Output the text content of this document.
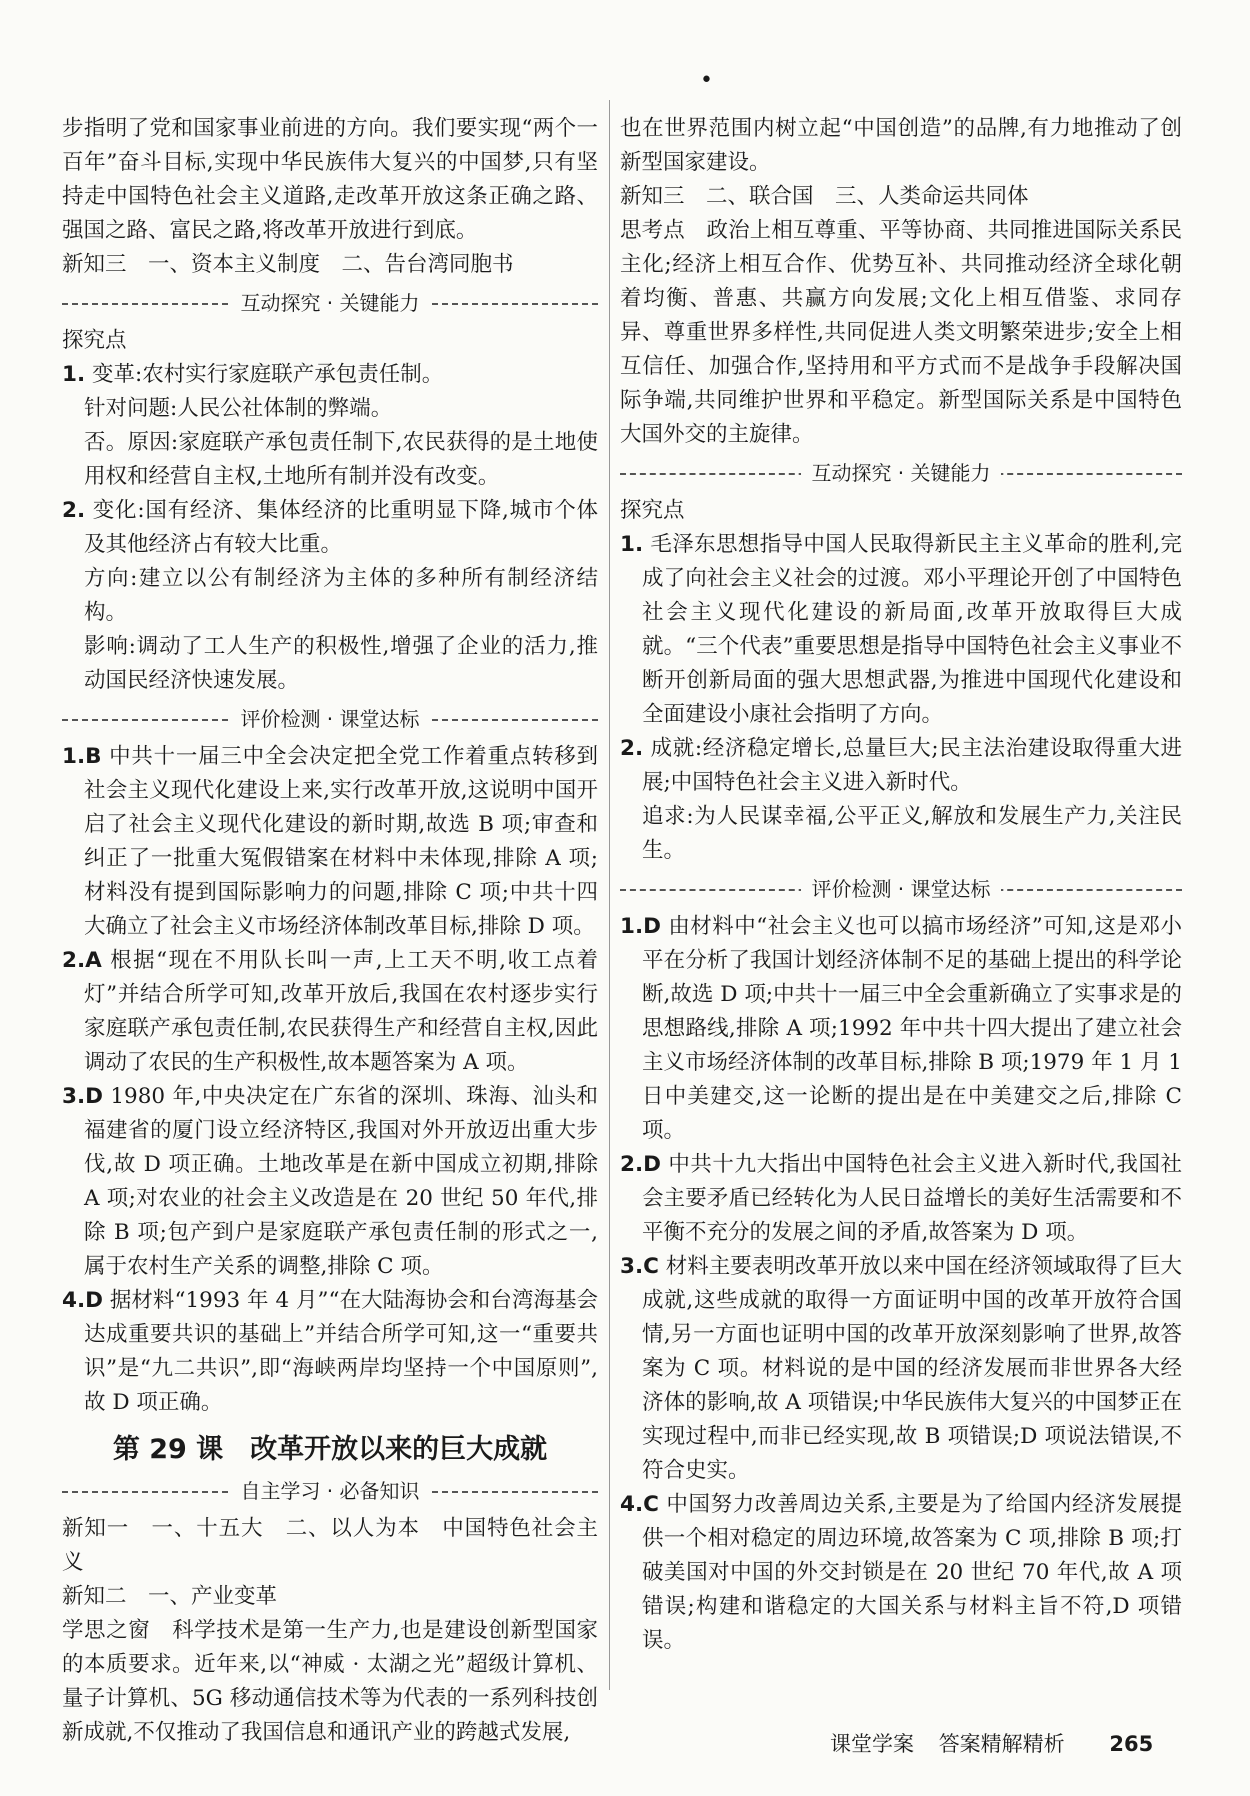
•

步指明了党和国家事业前进的方向。我们要实现“两个一百年”奋斗目标,实现中华民族伟大复兴的中国梦,只有坚持走中国特色社会主义道路,走改革开放这条正确之路、强国之路、富民之路,将改革开放进行到底。

新知三　一、资本主义制度　二、告台湾同胞书

互动探究 · 关键能力

探究点

1. 变革:农村实行家庭联产承包责任制。

针对问题:人民公社体制的弊端。

否。原因:家庭联产承包责任制下,农民获得的是土地使用权和经营自主权,土地所有制并没有改变。

2. 变化:国有经济、集体经济的比重明显下降,城市个体及其他经济占有较大比重。

方向:建立以公有制经济为主体的多种所有制经济结构。

影响:调动了工人生产的积极性,增强了企业的活力,推动国民经济快速发展。

评价检测 · 课堂达标

1.B 中共十一届三中全会决定把全党工作着重点转移到社会主义现代化建设上来,实行改革开放,这说明中国开启了社会主义现代化建设的新时期,故选 B 项;审查和纠正了一批重大冤假错案在材料中未体现,排除 A 项;材料没有提到国际影响力的问题,排除 C 项;中共十四大确立了社会主义市场经济体制改革目标,排除 D 项。

2.A 根据“现在不用队长叫一声,上工天不明,收工点着灯”并结合所学可知,改革开放后,我国在农村逐步实行家庭联产承包责任制,农民获得生产和经营自主权,因此调动了农民的生产积极性,故本题答案为 A 项。

3.D 1980 年,中央决定在广东省的深圳、珠海、汕头和福建省的厦门设立经济特区,我国对外开放迈出重大步伐,故 D 项正确。土地改革是在新中国成立初期,排除 A 项;对农业的社会主义改造是在 20 世纪 50 年代,排除 B 项;包产到户是家庭联产承包责任制的形式之一,属于农村生产关系的调整,排除 C 项。

4.D 据材料“1993 年 4 月”“在大陆海协会和台湾海基会达成重要共识的基础上”并结合所学可知,这一“重要共识”是“九二共识”,即“海峡两岸均坚持一个中国原则”,故 D 项正确。

第 29 课　改革开放以来的巨大成就
自主学习 · 必备知识

新知一　一、十五大　二、以人为本　中国特色社会主义

新知二　一、产业变革

学思之窗　科学技术是第一生产力,也是建设创新型国家的本质要求。近年来,以“神威 · 太湖之光”超级计算机、量子计算机、5G 移动通信技术等为代表的一系列科技创新成就,不仅推动了我国信息和通讯产业的跨越式发展,

也在世界范围内树立起“中国创造”的品牌,有力地推动了创新型国家建设。

新知三　二、联合国　三、人类命运共同体

思考点　政治上相互尊重、平等协商、共同推进国际关系民主化;经济上相互合作、优势互补、共同推动经济全球化朝着均衡、普惠、共赢方向发展;文化上相互借鉴、求同存异、尊重世界多样性,共同促进人类文明繁荣进步;安全上相互信任、加强合作,坚持用和平方式而不是战争手段解决国际争端,共同维护世界和平稳定。新型国际关系是中国特色大国外交的主旋律。

互动探究 · 关键能力

探究点

1. 毛泽东思想指导中国人民取得新民主主义革命的胜利,完成了向社会主义社会的过渡。邓小平理论开创了中国特色社会主义现代化建设的新局面,改革开放取得巨大成就。“三个代表”重要思想是指导中国特色社会主义事业不断开创新局面的强大思想武器,为推进中国现代化建设和全面建设小康社会指明了方向。

2. 成就:经济稳定增长,总量巨大;民主法治建设取得重大进展;中国特色社会主义进入新时代。

追求:为人民谋幸福,公平正义,解放和发展生产力,关注民生。

评价检测 · 课堂达标

1.D 由材料中“社会主义也可以搞市场经济”可知,这是邓小平在分析了我国计划经济体制不足的基础上提出的科学论断,故选 D 项;中共十一届三中全会重新确立了实事求是的思想路线,排除 A 项;1992 年中共十四大提出了建立社会主义市场经济体制的改革目标,排除 B 项;1979 年 1 月 1 日中美建交,这一论断的提出是在中美建交之后,排除 C 项。

2.D 中共十九大指出中国特色社会主义进入新时代,我国社会主要矛盾已经转化为人民日益增长的美好生活需要和不平衡不充分的发展之间的矛盾,故答案为 D 项。

3.C 材料主要表明改革开放以来中国在经济领域取得了巨大成就,这些成就的取得一方面证明中国的改革开放符合国情,另一方面也证明中国的改革开放深刻影响了世界,故答案为 C 项。材料说的是中国的经济发展而非世界各大经济体的影响,故 A 项错误;中华民族伟大复兴的中国梦正在实现过程中,而非已经实现,故 B 项错误;D 项说法错误,不符合史实。

4.C 中国努力改善周边关系,主要是为了给国内经济发展提供一个相对稳定的周边环境,故答案为 C 项,排除 B 项;打破美国对中国的外交封锁是在 20 世纪 70 年代,故 A 项错误;构建和谐稳定的大国关系与材料主旨不符,D 项错误。

课堂学案 答案精解精析 265
